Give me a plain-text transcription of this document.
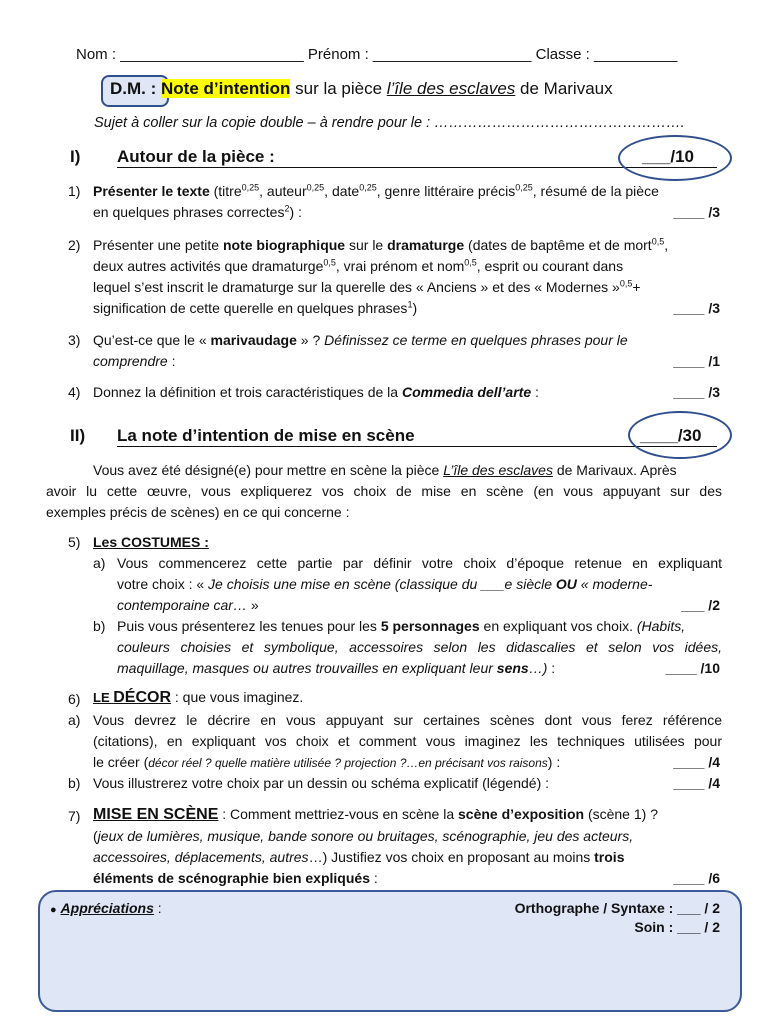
Nom : ______________________ Prénom : ___________________ Classe : __________
D.M. : Note d’intention sur la pièce l’île des esclaves de Marivaux
Sujet à coller sur la copie double – à rendre pour le : …………………………………………….
I) Autour de la pièce :	___/10
1) Présenter le texte (titre$^{0,25}$, auteur$^{0,25}$, date$^{0,25}$, genre littéraire précis$^{0,25}$, résumé de la pièce
en quelques phrases correctes$^2$) :	____ /3
2) Présenter une petite note biographique sur le dramaturge (dates de baptême et de mort$^{0,5}$,
deux autres activités que dramaturge$^{0,5}$, vrai prénom et nom$^{0,5}$, esprit ou courant dans
lequel s’est inscrit le dramaturge sur la querelle des « Anciens » et des « Modernes »$^{0,5}$+
signification de cette querelle en quelques phrases$^1$)	____ /3
3) Qu’est-ce que le « marivaudage » ? Définissez ce terme en quelques phrases pour le
comprendre :	____ /1
4) Donnez la définition et trois caractéristiques de la Commedia dell’arte :	____ /3
II) La note d’intention de mise en scène	____/30
Vous avez été désigné(e) pour mettre en scène la pièce L’île des esclaves de Marivaux. Après
avoir lu cette œuvre, vous expliquerez vos choix de mise en scène (en vous appuyant sur des
exemples précis de scènes) en ce qui concerne :
5) Les COSTUMES :
a) Vous commencerez cette partie par définir votre choix d’époque retenue en expliquant
votre choix : « Je choisis une mise en scène (classique du ___e siècle OU « moderne-
contemporaine car… »	___ /2
b) Puis vous présenterez les tenues pour les 5 personnages en expliquant vos choix. (Habits,
couleurs choisies et symbolique, accessoires selon les didascalies et selon vos idées,
maquillage, masques ou autres trouvailles en expliquant leur sens…) :	____ /10
6) LE DÉCOR : que vous imaginez.
a) Vous devrez le décrire en vous appuyant sur certaines scènes dont vous ferez référence
(citations), en expliquant vos choix et comment vous imaginez les techniques utilisées pour
le créer (décor réel ? quelle matière utilisée ? projection ?…en précisant vos raisons) :	____ /4
b) Vous illustrerez votre choix par un dessin ou schéma explicatif (légendé) :	____ /4
7) MISE EN SCÈNE : Comment mettriez-vous en scène la scène d’exposition (scène 1) ?
(jeux de lumières, musique, bande sonore ou bruitages, scénographie, jeu des acteurs,
accessoires, déplacements, autres…) Justifiez vos choix en proposant au moins trois
éléments de scénographie bien expliqués :	____ /6
● Appréciations :	Orthographe / Syntaxe : ___ / 2
Soin : ___ / 2
